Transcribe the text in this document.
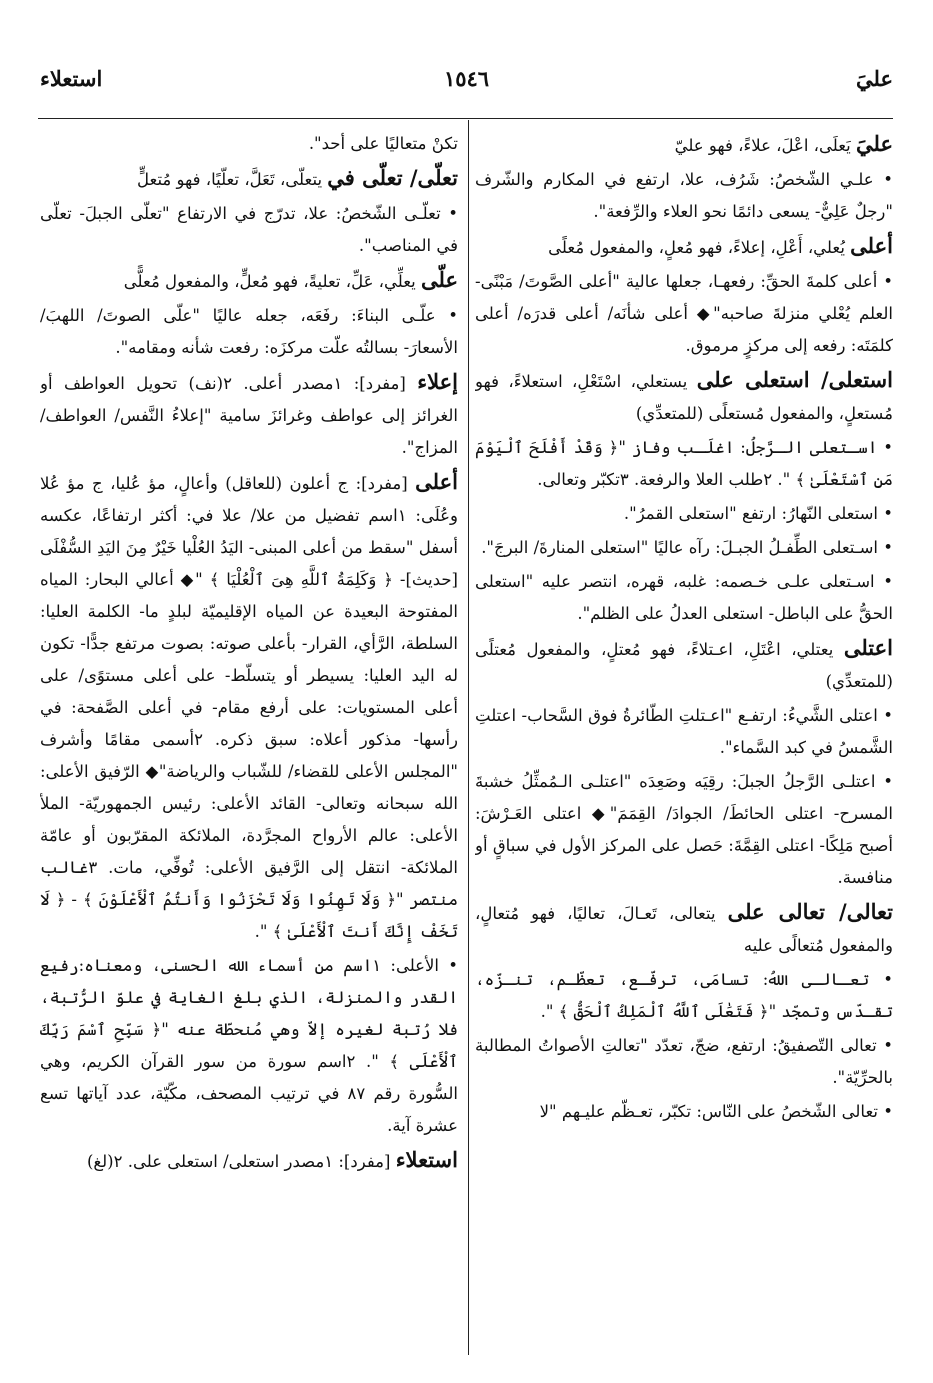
عليَ
١٥٤٦
استعلاء
عليَ يَعلَى، اعْلَ، علاءً، فهو عليّ
• علـي الشّخصُ: شَرُف، علا، ارتفع في المكارم والشّرف "رجلٌ عَلِيٌّ- يسعى دائمًا نحو العلاء والرِّفعة".
أعلى يُعلي، أَعْلِ، إعلاءً، فهو مُعلٍ، والمفعول مُعلًى
• أعلى كلمةَ الحقِّ: رفعهـا، جعلها عالية "أعلى الصَّوتَ/ مَبْنًى- العلم يُعْلي منزلةَ صاحبه"◆ أعلى شأنَه/ أعلى قدرَه/ أعلى كلمَتَه: رفعه إلى مركزٍ مرموق.
استعلى/ استعلى على يستعلي، اسْتَعْلِ، استعلاءً، فهو مُستعلٍ، والمفعول مُستعلًى (للمتعدِّي)
• اسـتعلى الـرَّجلُ: اغلَـب وفاز "﴿ وَقَدْ أَفْلَحَ ٱلْيَوْمَ مَنِ ٱسْتَعْلَىٰ ﴾ ". ٢طلب العلا والرفعة. ٣تكبّر وتعالى.
• استعلى النّهارُ: ارتفع "استعلى القمرُ".
• اسـتعلى الطِّفـلُ الجبـلَ: رآه عاليًا "استعلى المنارةَ/ البرجَ".
• اسـتعلى علـى خـصمه: غلبه، قهره، انتصر عليه "استعلى الحقُّ على الباطل- استعلى العدلُ على الظلم".
اعتلى يعتلي، اعْتَلِ، اعـتلاءً، فهو مُعتلٍ، والمفعول مُعتلًى (للمتعدِّي)
• اعتلى الشَّيءُ: ارتفـع "اعـتلتِ الطّائرةُ فوق السَّحاب- اعتلتِ الشَّمسُ في كبد السَّماء".
• اعتلـى الرَّجلُ الجبلَ: رقِيَه وصَعِدَه "اعتلـى الـمُمثِّلُ خشبةَ المسرح- اعتلى الحائطَ/ الجوادَ/ القِمَمَ"◆ اعتلى العَـرْشَ: أصبح مَلِكًا- اعتلى القِمَّةَ: حَصل على المركز الأول في سباقٍ أو منافسة.
تعالى/ تعالى على يتعالى، تَعـالَ، تعاليًا، فهو مُتعالٍ، والمفعول مُتعالًى عليه
• تعـالـى اللهُ: تسامَى، ترفّـع، تعظّـم، تنـزّه، تقـدّس وتمجّد "﴿ فَتَعَٰلَى ٱللَّهُ ٱلْمَلِكُ ٱلْحَقُّ ﴾ ".
• تعالى التّصفيقُ: ارتفع، ضجّ، تعدّد "تعالتِ الأصواتُ المطالبة بالحرِّيّة".
• تعالى الشّخصُ على النّاس: تكبّر، تعـظّم عليـهم "لا
تكنْ متعاليًا على أحد".
تعلّى/ تعلّى في يتعلّى، تَعَلَّ، تعلّيًا، فهو مُتعلٍّ
• تعلّـى الشّخصُ: علا، تدرّج في الارتفاع "تعلّى الجبلَ- تعلّى في المناصب".
علّى يعلِّي، عَلِّ، تعليةً، فهو مُعلٍّ، والمفعول مُعلًّى
• علّـى البناءَ: رفَعَه، جعله عاليًا "علّى الصوتَ/ اللهبَ/ الأسعارَ- بسالتُه علّت مركزَه: رفعت شأنه ومقامه".
إعلاء [مفرد]: ١مصدر أعلى. ٢(نف) تحويل العواطف أو الغرائز إلى عواطف وغرائزَ سامية "إعلاءُ النَّفس/ العواطف/ المزاج".
أعلى [مفرد]: ج أعلون (للعاقل) وأعالٍ، مؤ عُليا، ج مؤ عُلا وعُلَى: ١اسم تفضيل من علا/ علا في: أكثر ارتفاعًا، عكسه أسفل "سقط من أعلى المبنى- اليَدُ العُلْيا خَيْرٌ مِنَ اليَدِ السُّفْلَى [حديث]- ﴿ وَكَلِمَةُ ٱللَّهِ هِىَ ٱلْعُلْيَا ﴾ "◆ أعالي البحار: المياه المفتوحة البعيدة عن المياه الإقليميّة لبلدٍ ما- الكلمة العليا: السلطة، الرَّأي، القرار- بأعلى صوته: بصوت مرتفع جدًّا- تكون له اليد العليا: يسيطر أو يتسلّط- على أعلى مستوًى/ على أعلى المستويات: على أرفع مقام- في أعلى الصَّفحة: في رأسها- مذكور أعلاه: سبق ذكره. ٢أسمى مقامًا وأشرف "المجلس الأعلى للقضاء/ للشّباب والرياضة"◆ الرّفيق الأعلى: الله سبحانه وتعالى- القائد الأعلى: رئيس الجمهوريّة- الملأ الأعلى: عالم الأرواح المجرَّدة، الملائكة المقرّبون أو عامّة الملائكة- انتقل إلى الرَّفيق الأعلى: تُوفِّي، مات. ٣غالب منتصر "﴿ وَلَا تَهِنُوا وَلَا تَحْزَنُوا وَأَنتُمُ ٱلْأَعْلَوْنَ ﴾ - ﴿ لَا تَخَفْ إِنَّكَ أَنتَ ٱلْأَعْلَىٰ ﴾ ".
• الأعلى: ١اسم من أسماء الله الحسنى، ومعناه:رفيع القدر والمنزلة، الذي بلغ الغاية في علوّ الرُّتبة، فلا رُتبة لغيره إلاّ وهي مُنحطّة عنه "﴿ سَبِّحِ ٱسْمَ رَبِّكَ ٱلْأَعْلَى ﴾ ". ٢اسم سورة من سور القرآن الكريم، وهي السُّورة رقم ٨٧ في ترتيب المصحف، مكّيّة، عدد آياتها تسع عشرة آية.
استعلاء [مفرد]: ١مصدر استعلى/ استعلى على. ٢(لغ)
